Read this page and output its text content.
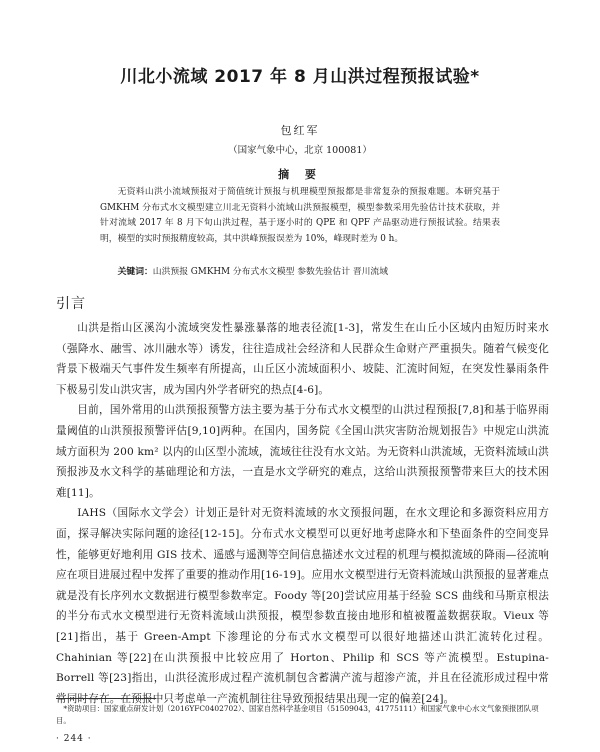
川北小流域 2017 年 8 月山洪过程预报试验*
包红军
（国家气象中心，北京 100081）
摘 要

无资料山洪小流域预报对于简值统计预报与机理模型预报都是非常复杂的预报难题。本研究基于 GMKHM 分布式水文模型建立川北无资料小流域山洪预报模型，模型参数采用先验估计技术获取，并针对流域 2017 年 8 月下旬山洪过程，基于逐小时的 QPE 和 QPF 产品驱动进行预报试验。结果表明，模型的实时预报精度较高，其中洪峰预报误差为 10%，峰现时差为 0 h。

关键词：山洪预报 GMKHM 分布式水文模型 参数先验估计 晋川流域

引言

山洪是指山区溪沟小流域突发性暴涨暴落的地表径流[1-3]，常发生在山丘小区域内由短历时来水（强降水、融雪、冰川融水等）诱发，往往造成社会经济和人民群众生命财产严重损失。随着气候变化背景下极端天气事件发生频率有所提高，山丘区小流域面积小、坡陡、汇流时间短，在突发性暴雨条件下极易引发山洪灾害，成为国内外学者研究的热点[4-6]。

目前，国外常用的山洪预报预警方法主要为基于分布式水文模型的山洪过程预报[7,8]和基于临界雨量阈值的山洪预报预警评估[9,10]两种。在国内，国务院《全国山洪灾害防治规划报告》中规定山洪流域方面积为 200 km² 以内的山区型小流域，流域往往没有水文站。为无资料山洪流域，无资料流域山洪预报涉及水文科学的基础理论和方法，一直是水文学研究的难点，这给山洪预报预警带来巨大的技术困难[11]。

IAHS（国际水文学会）计划正是针对无资料流域的水文预报问题，在水文理论和多源资料应用方面，探寻解决实际问题的途径[12-15]。分布式水文模型可以更好地考虑降水和下垫面条件的空间变异性，能够更好地利用 GIS 技术、遥感与遥测等空间信息描述水文过程的机理与模拟流域的降雨—径流响应在项目进展过程中发挥了重要的推动作用[16-19]。应用水文模型进行无资料流域山洪预报的显著难点就是没有长序列水文数据进行模型参数率定。Foody 等[20]尝试应用基于经验 SCS 曲线和马斯京根法的半分布式水文模型进行无资料流域山洪预报，模型参数直接由地形和植被覆盖数据获取。Vieux 等[21]指出，基于 Green-Ampt 下渗理论的分布式水文模型可以很好地描述山洪汇流转化过程。Chahinian 等[22]在山洪预报中比较应用了 Horton、Philip 和 SCS 等产流模型。Estupina-Borrell 等[23]指出，山洪径流形成过程产流机制包含蓄满产流与超渗产流，并且在径流形成过程中常常同时存在。在预报中只考虑单一产流机制往往导致预报结果出现一定的偏差[24]。

*资助项目：国家重点研发计划（2016YFC0402702）、国家自然科学基金项目（51509043，41775111）和国家气象中心水文气象预报团队项目。

· 244 ·
